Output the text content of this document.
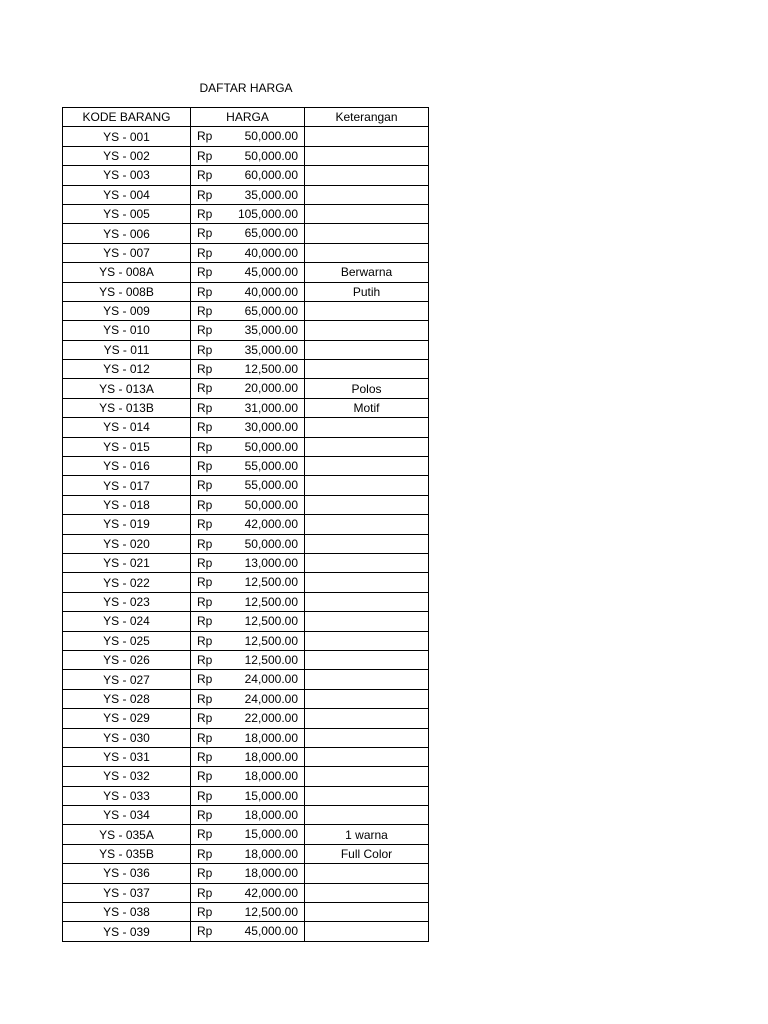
DAFTAR HARGA
KODE BARANG	HARGA	Keterangan
YS - 001	Rp 50,000.00	

YS - 002	Rp 50,000.00	

YS - 003	Rp 60,000.00	

YS - 004	Rp 35,000.00	

YS - 005	Rp 105,000.00	

YS - 006	Rp 65,000.00	

YS - 007	Rp 40,000.00	

YS - 008A	Rp 45,000.00	Berwarna
YS - 008B	Rp 40,000.00	Putih
YS - 009	Rp 65,000.00	

YS - 010	Rp 35,000.00	

YS - 011	Rp 35,000.00	

YS - 012	Rp 12,500.00	

YS - 013A	Rp 20,000.00	Polos
YS - 013B	Rp 31,000.00	Motif
YS - 014	Rp 30,000.00	

YS - 015	Rp 50,000.00	

YS - 016	Rp 55,000.00	

YS - 017	Rp 55,000.00	

YS - 018	Rp 50,000.00	

YS - 019	Rp 42,000.00	

YS - 020	Rp 50,000.00	

YS - 021	Rp 13,000.00	

YS - 022	Rp 12,500.00	

YS - 023	Rp 12,500.00	

YS - 024	Rp 12,500.00	

YS - 025	Rp 12,500.00	

YS - 026	Rp 12,500.00	

YS - 027	Rp 24,000.00	

YS - 028	Rp 24,000.00	

YS - 029	Rp 22,000.00	

YS - 030	Rp 18,000.00	

YS - 031	Rp 18,000.00	

YS - 032	Rp 18,000.00	

YS - 033	Rp 15,000.00	

YS - 034	Rp 18,000.00	

YS - 035A	Rp 15,000.00	1 warna
YS - 035B	Rp 18,000.00	Full Color
YS - 036	Rp 18,000.00	

YS - 037	Rp 42,000.00	

YS - 038	Rp 12,500.00	

YS - 039	Rp 45,000.00	
